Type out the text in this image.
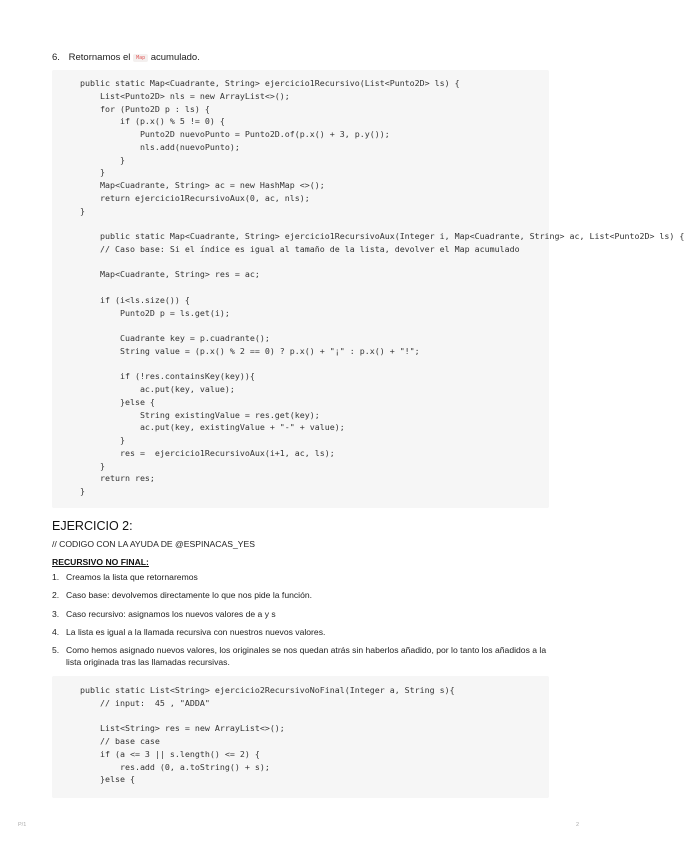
6. Retornamos el Map acumulado.
public static Map<Cuadrante, String> ejercicio1Recursivo(List<Punto2D> ls) {
List<Punto2D> nls = new ArrayList<>();
for (Punto2D p : ls) {
if (p.x() % 5 != 0) {
Punto2D nuevoPunto = Punto2D.of(p.x() + 3, p.y());
nls.add(nuevoPunto);
}
}
Map<Cuadrante, String> ac = new HashMap <>();
return ejercicio1RecursivoAux(0, ac, nls);
}

public static Map<Cuadrante, String> ejercicio1RecursivoAux(Integer i, Map<Cuadrante, String> ac, List<Punto2D> ls) {
// Caso base: Si el índice es igual al tamaño de la lista, devolver el Map acumulado

Map<Cuadrante, String> res = ac;

if (i<ls.size()) {
Punto2D p = ls.get(i);

Cuadrante key = p.cuadrante();
String value = (p.x() % 2 == 0) ? p.x() + "¡" : p.x() + "!";

if (!res.containsKey(key)){
ac.put(key, value);
}else {
String existingValue = res.get(key);
ac.put(key, existingValue + "-" + value);
}
res =  ejercicio1RecursivoAux(i+1, ac, ls);
}
return res;
}
EJERCICIO 2:
// CODIGO CON LA AYUDA DE @ESPINACAS_YES
RECURSIVO NO FINAL:
1. Creamos la lista que retornaremos
2. Caso base: devolvemos directamente lo que nos pide la función.
3. Caso recursivo: asignamos los nuevos valores de a y s
4. La lista es igual a la llamada recursiva con nuestros nuevos valores.
5. Como hemos asignado nuevos valores, los originales se nos quedan atrás sin haberlos añadido, por lo tanto los añadidos a la lista originada tras las llamadas recursivas.
public static List<String> ejercicio2RecursivoNoFinal(Integer a, String s){
// input:  45 , "ADDA"

List<String> res = new ArrayList<>();
// base case
if (a <= 3 || s.length() <= 2) {
res.add (0, a.toString() + s);
}else {
P/1	2
